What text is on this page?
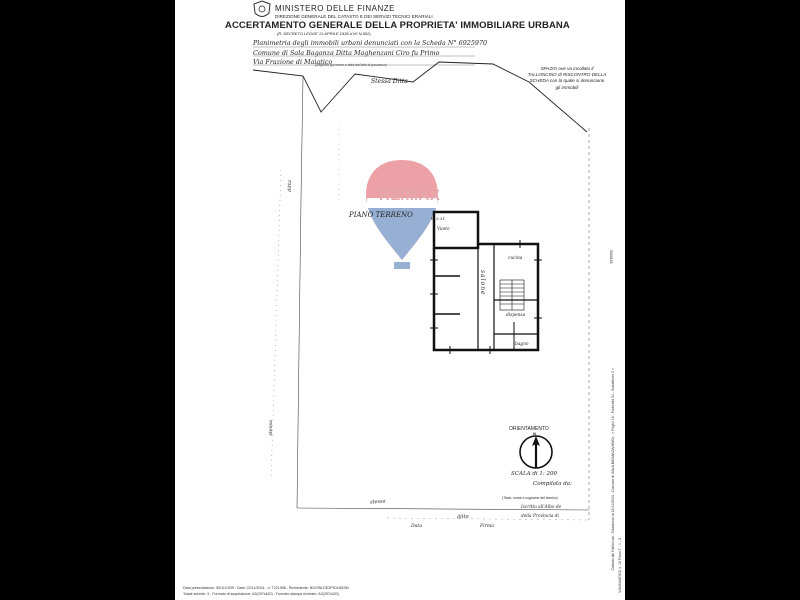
MINISTERO DELLE FINANZE
DIREZIONE GENERALE DEL CATASTO E DEI SERVIZI TECNICI ERARIALI
ACCERTAMENTO GENERALE DELLA PROPRIETA' IMMOBILIARE URBANA
(R. DECRETO LEGGE 13 APRILE 1939-XVII N.652)
Planimetria degli immobili urbani denunciati con la Scheda N° 6925970
Comune di Sala Baganza Ditta Maghenzani Ciro fu Primo
Via Frazione di Maiatico
(Segnare qui nome e data dell'atto di possesso)
Stessa Ditta
SPAZIO ove va incollato il TALLONCINO di RISCONTRO DELLA SCHEDA con la quale si denunciano gli immobili
RE/MAX
PIANO TERRENO
ditta
stessa
stessa
ditta
h. 3.31
Vuoto
cucina
salone
dispensa
bagno
ORIENTAMENTO
N
SCALA di 1: 200
Compilata da:
(Titolo, nome e cognome del tecnico)
Iscritto all'Albo de
della Provincia di
Data	Firma
0000185
Catasto dei Fabbricati - Situazione al 22/11/2024 - Comune di SALA BAGANZA(H682) - < Foglio 16 - Particella 31 - Subalterno 3 > VIA MAIATICO n. 13 Piano T - 1 - 2
Data presentazione: 05/11/1939 - Data: 22/11/2024 - n. T221998 - Richiedente: BGOWLDE3PS1H823M
Totale schede: 3 - Formato di acquisizione: A3(297x420) - Formato stampa richiesto: A3(297x420)
